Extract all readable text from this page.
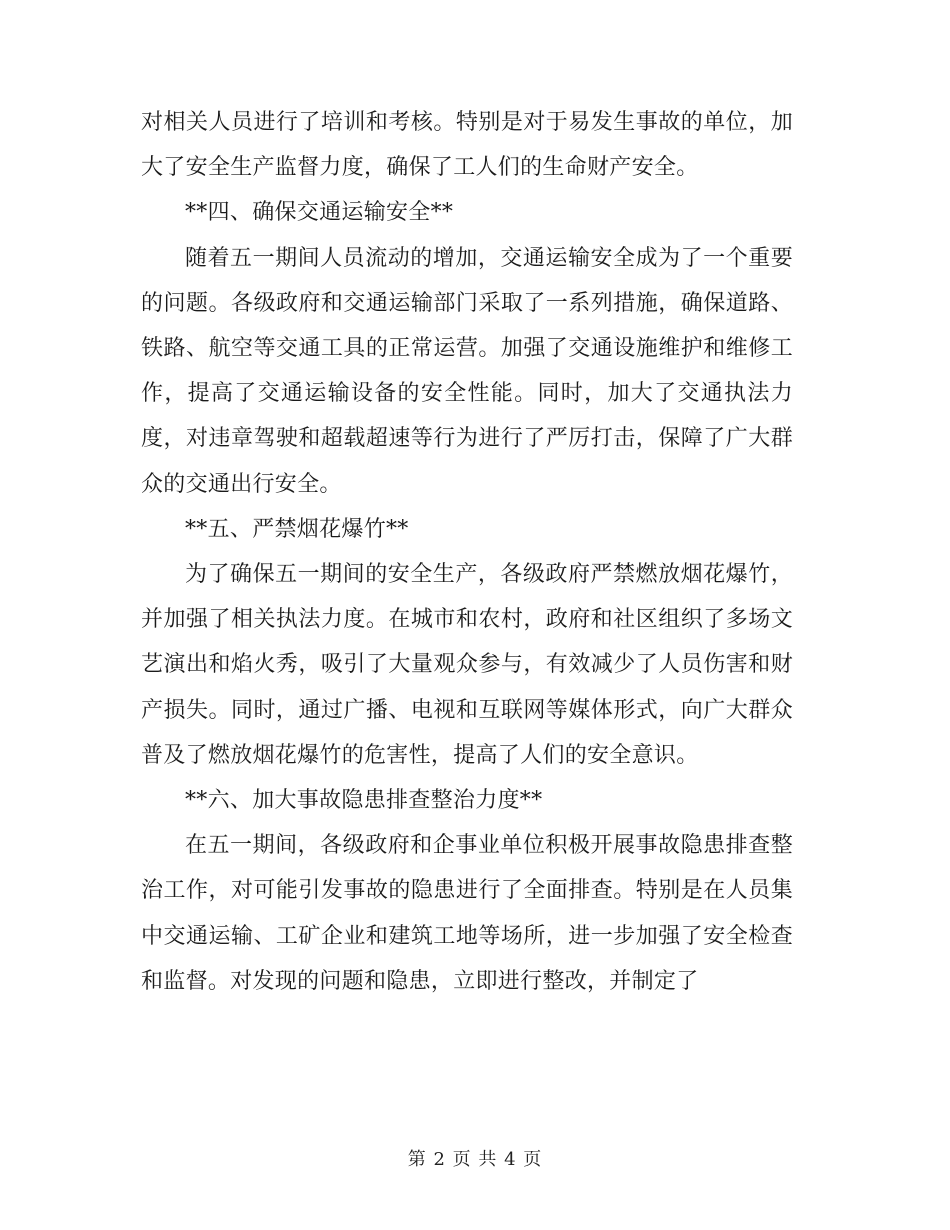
对相关人员进行了培训和考核。特别是对于易发生事故的单位，加大了安全生产监督力度，确保了工人们的生命财产安全。

**四、确保交通运输安全**

随着五一期间人员流动的增加，交通运输安全成为了一个重要的问题。各级政府和交通运输部门采取了一系列措施，确保道路、铁路、航空等交通工具的正常运营。加强了交通设施维护和维修工作，提高了交通运输设备的安全性能。同时，加大了交通执法力度，对违章驾驶和超载超速等行为进行了严厉打击，保障了广大群众的交通出行安全。

**五、严禁烟花爆竹**

为了确保五一期间的安全生产，各级政府严禁燃放烟花爆竹，并加强了相关执法力度。在城市和农村，政府和社区组织了多场文艺演出和焰火秀，吸引了大量观众参与，有效减少了人员伤害和财产损失。同时，通过广播、电视和互联网等媒体形式，向广大群众普及了燃放烟花爆竹的危害性，提高了人们的安全意识。

**六、加大事故隐患排查整治力度**

在五一期间，各级政府和企事业单位积极开展事故隐患排查整治工作，对可能引发事故的隐患进行了全面排查。特别是在人员集中交通运输、工矿企业和建筑工地等场所，进一步加强了安全检查和监督。对发现的问题和隐患，立即进行整改，并制定了

第 2 页 共 4 页
